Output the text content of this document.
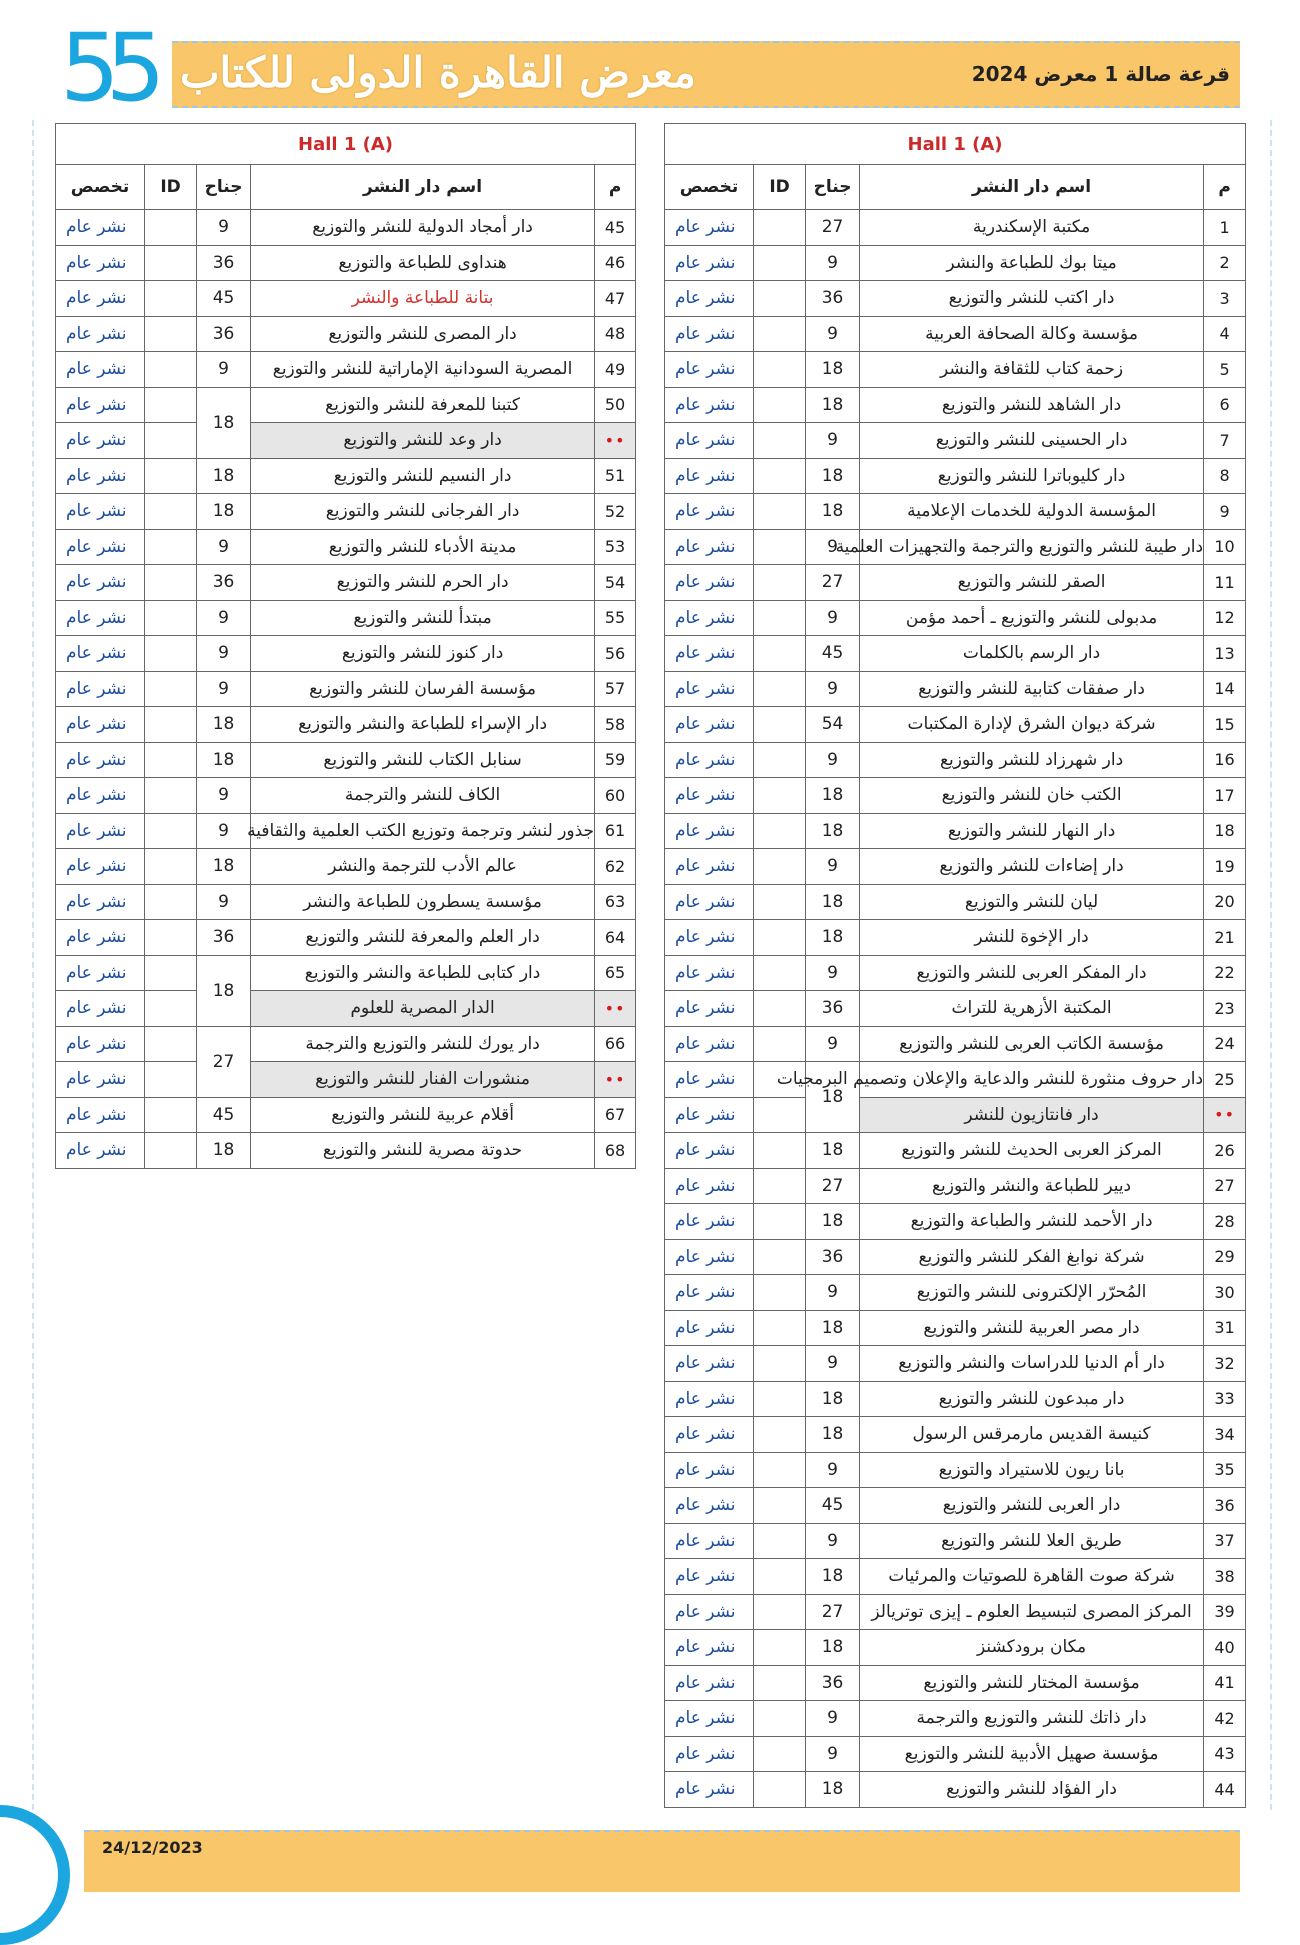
55 معرض القاهرة الدولى للكتاب	قرعة صالة 1 معرض 2024
Hall 1 (A)				
م	اسم دار النشر	جناح	ID	تخصص
1	مكتبة الإسكندرية	27		نشر عام
2	ميتا بوك للطباعة والنشر	9		نشر عام
3	دار اكتب للنشر والتوزيع	36		نشر عام
4	مؤسسة وكالة الصحافة العربية	9		نشر عام
5	زحمة كتاب للثقافة والنشر	18		نشر عام
6	دار الشاهد للنشر والتوزيع	18		نشر عام
7	دار الحسينى للنشر والتوزيع	9		نشر عام
8	دار كليوباترا للنشر والتوزيع	18		نشر عام
9	المؤسسة الدولية للخدمات الإعلامية	18		نشر عام
10	دار طيبة للنشر والتوزيع والترجمة والتجهيزات العلمية	9		نشر عام
11	الصقر للنشر والتوزيع	27		نشر عام
12	مدبولى للنشر والتوزيع ـ أحمد مؤمن	9		نشر عام
13	دار الرسم بالكلمات	45		نشر عام
14	دار صفقات كتابية للنشر والتوزيع	9		نشر عام
15	شركة ديوان الشرق لإدارة المكتبات	54		نشر عام
16	دار شهرزاد للنشر والتوزيع	9		نشر عام
17	الكتب خان للنشر والتوزيع	18		نشر عام
18	دار النهار للنشر والتوزيع	18		نشر عام
19	دار إضاءات للنشر والتوزيع	9		نشر عام
20	ليان للنشر والتوزيع	18		نشر عام
21	دار الإخوة للنشر	18		نشر عام
22	دار المفكر العربى للنشر والتوزيع	9		نشر عام
23	المكتبة الأزهرية للتراث	36		نشر عام
24	مؤسسة الكاتب العربى للنشر والتوزيع	9		نشر عام
25	دار حروف منثورة للنشر والدعاية والإعلان وتصميم البرمجيات	18		نشر عام
••	دار فانتازيون للنشر			نشر عام
26	المركز العربى الحديث للنشر والتوزيع	18		نشر عام
27	ديير للطباعة والنشر والتوزيع	27		نشر عام
28	دار الأحمد للنشر والطباعة والتوزيع	18		نشر عام
29	شركة نوابغ الفكر للنشر والتوزيع	36		نشر عام
30	المُحرّر الإلكترونى للنشر والتوزيع	9		نشر عام
31	دار مصر العربية للنشر والتوزيع	18		نشر عام
32	دار أم الدنيا للدراسات والنشر والتوزيع	9		نشر عام
33	دار مبدعون للنشر والتوزيع	18		نشر عام
34	كنيسة القديس مارمرقس الرسول	18		نشر عام
35	بانا ريون للاستيراد والتوزيع	9		نشر عام
36	دار العربى للنشر والتوزيع	45		نشر عام
37	طريق العلا للنشر والتوزيع	9		نشر عام
38	شركة صوت القاهرة للصوتيات والمرئيات	18		نشر عام
39	المركز المصرى لتبسيط العلوم ـ إيزى توتريالز	27		نشر عام
40	مكان برودكشنز	18		نشر عام
41	مؤسسة المختار للنشر والتوزيع	36		نشر عام
42	دار ذاتك للنشر والتوزيع والترجمة	9		نشر عام
43	مؤسسة صهيل الأدبية للنشر والتوزيع	9		نشر عام
44	دار الفؤاد للنشر والتوزيع	18		نشر عام
Hall 1 (A)				
م	اسم دار النشر	جناح	ID	تخصص
45	دار أمجاد الدولية للنشر والتوزيع	9		نشر عام
46	هنداوى للطباعة والتوزيع	36		نشر عام
47	بتانة للطباعة والنشر	45		نشر عام
48	دار المصرى للنشر والتوزيع	36		نشر عام
49	المصرية السودانية الإماراتية للنشر والتوزيع	9		نشر عام
50	كتبنا للمعرفة للنشر والتوزيع	18		نشر عام
••	دار وعد للنشر والتوزيع			نشر عام
51	دار النسيم للنشر والتوزيع	18		نشر عام
52	دار الفرجانى للنشر والتوزيع	18		نشر عام
53	مدينة الأدباء للنشر والتوزيع	9		نشر عام
54	دار الحرم للنشر والتوزيع	36		نشر عام
55	مبتدأ للنشر والتوزيع	9		نشر عام
56	دار كنوز للنشر والتوزيع	9		نشر عام
57	مؤسسة الفرسان للنشر والتوزيع	9		نشر عام
58	دار الإسراء للطباعة والنشر والتوزيع	18		نشر عام
59	سنابل الكتاب للنشر والتوزيع	18		نشر عام
60	الكاف للنشر والترجمة	9		نشر عام
61	جذور لنشر وترجمة وتوزيع الكتب العلمية والثقافية	9		نشر عام
62	عالم الأدب للترجمة والنشر	18		نشر عام
63	مؤسسة يسطرون للطباعة والنشر	9		نشر عام
64	دار العلم والمعرفة للنشر والتوزيع	36		نشر عام
65	دار كتابى للطباعة والنشر والتوزيع	18		نشر عام
••	الدار المصرية للعلوم			نشر عام
66	دار يورك للنشر والتوزيع والترجمة	27		نشر عام
••	منشورات الفنار للنشر والتوزيع			نشر عام
67	أقلام عربية للنشر والتوزيع	45		نشر عام
68	حدوتة مصرية للنشر والتوزيع	18		نشر عام
24/12/2023
